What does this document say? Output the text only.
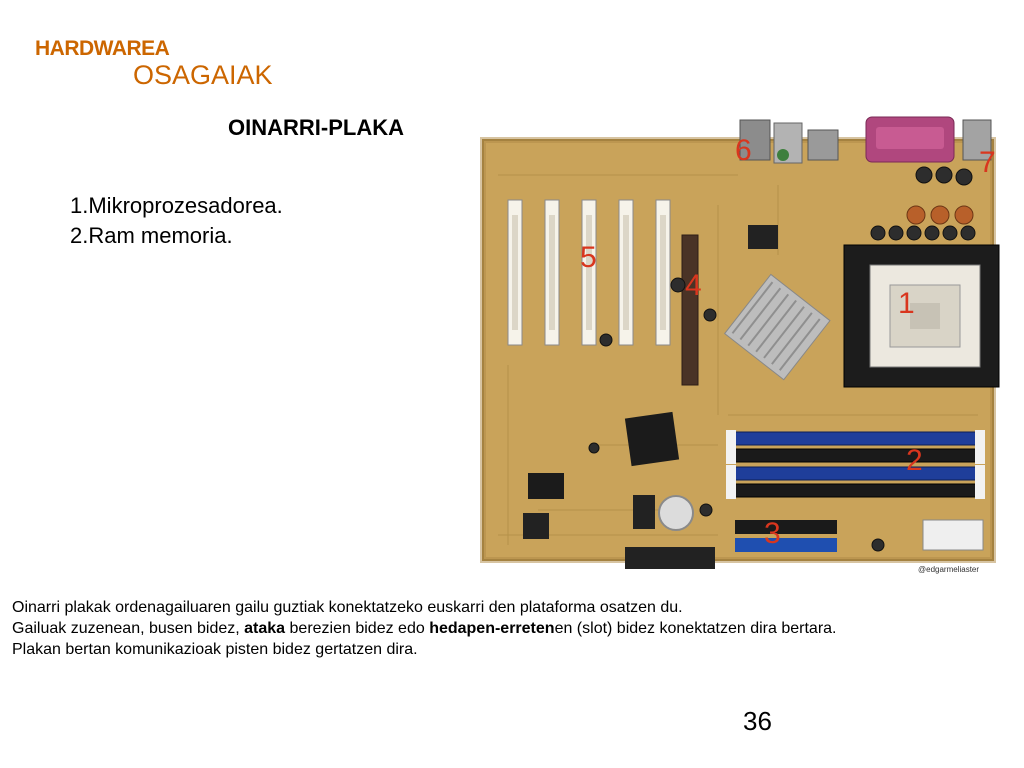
HARDWAREA
OSAGAIAK
OINARRI-PLAKA
1.Mikroprozesadorea.
2.Ram memoria.
1
2
3
4
5
6	7
@edgarmeliaster

Oinarri plakak ordenagailuaren gailu guztiak konektatzeko euskarri den plataforma osatzen du.

Gailuak zuzenean, busen bidez, ataka berezien bidez edo hedapen-erretenen (slot) bidez konektatzen dira bertara.

Plakan bertan komunikazioak pisten bidez gertatzen dira.

36
